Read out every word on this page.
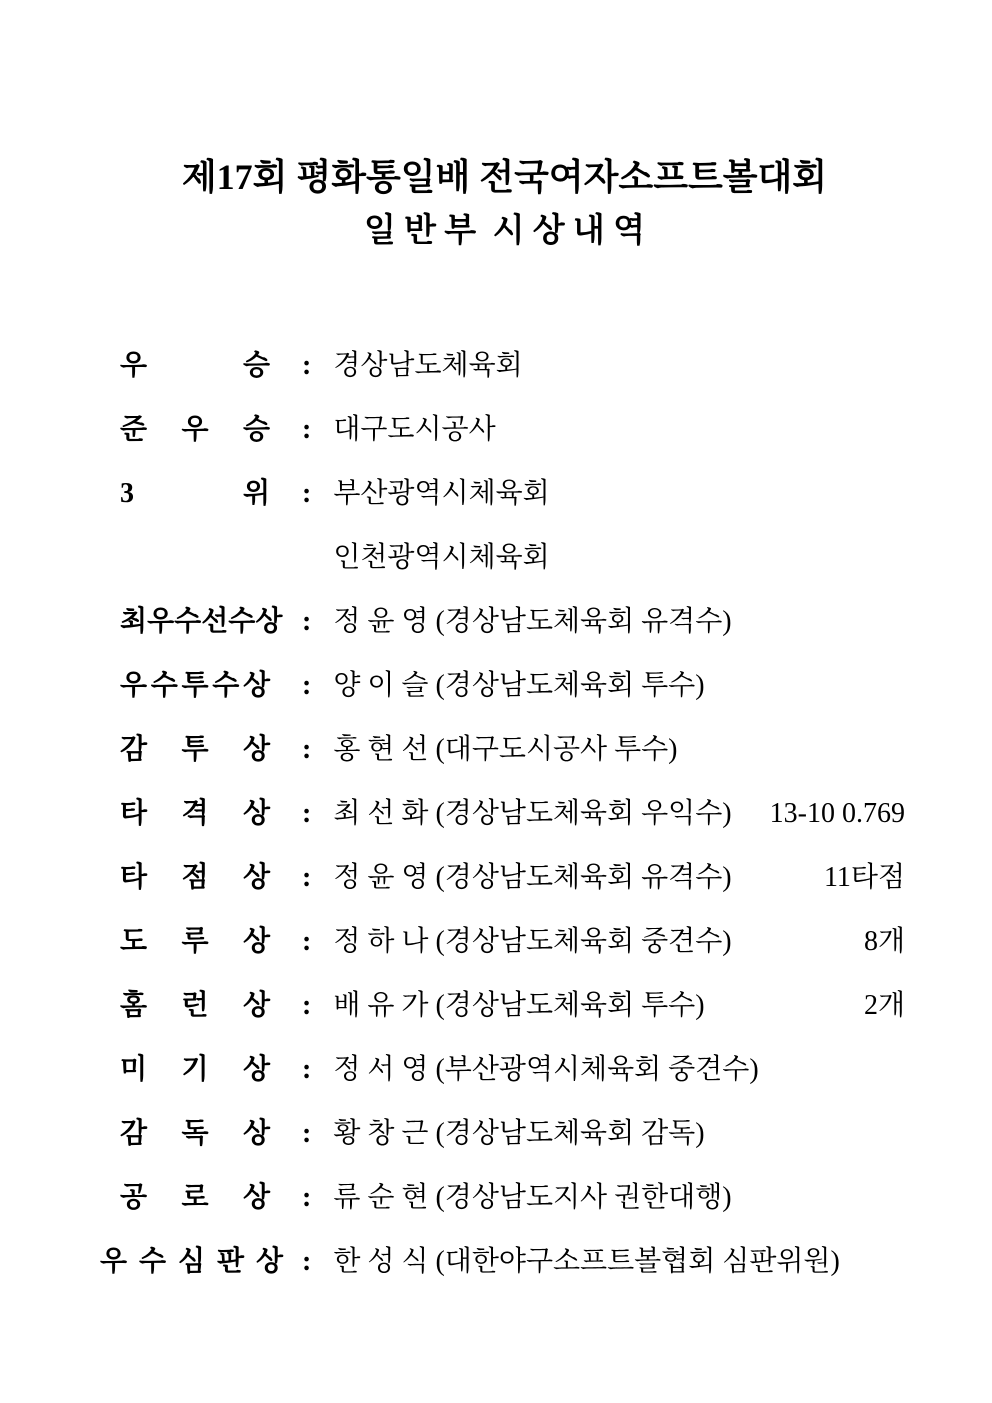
제17회 평화통일배 전국여자소프트볼대회
일 반 부  시 상 내 역
우	승 : 경상남도체육회
준 우 승 : 대구도시공사
3	위 : 부산광역시체육회
인천광역시체육회
최 우 수 선 수 상 : 정 윤 영 (경상남도체육회 유격수)
우 수 투 수 상 : 양 이 슬 (경상남도체육회 투수)
감 투 상 : 홍 현 선 (대구도시공사 투수)
타 격 상 : 최 선 화 (경상남도체육회 우익수) 13-10 0.769
타 점 상 : 정 윤 영 (경상남도체육회 유격수)	11타점
도 루 상 : 정 하 나 (경상남도체육회 중견수)	8개
홈 런 상 : 배 유 가 (경상남도체육회 투수)	2개
미 기 상 : 정 서 영 (부산광역시체육회 중견수)
감 독 상 : 황 창 근 (경상남도체육회 감독)
공 로 상 : 류 순 현 (경상남도지사 권한대행)
우 수 심 판 상 : 한 성 식 (대한야구소프트볼협회 심판위원)
